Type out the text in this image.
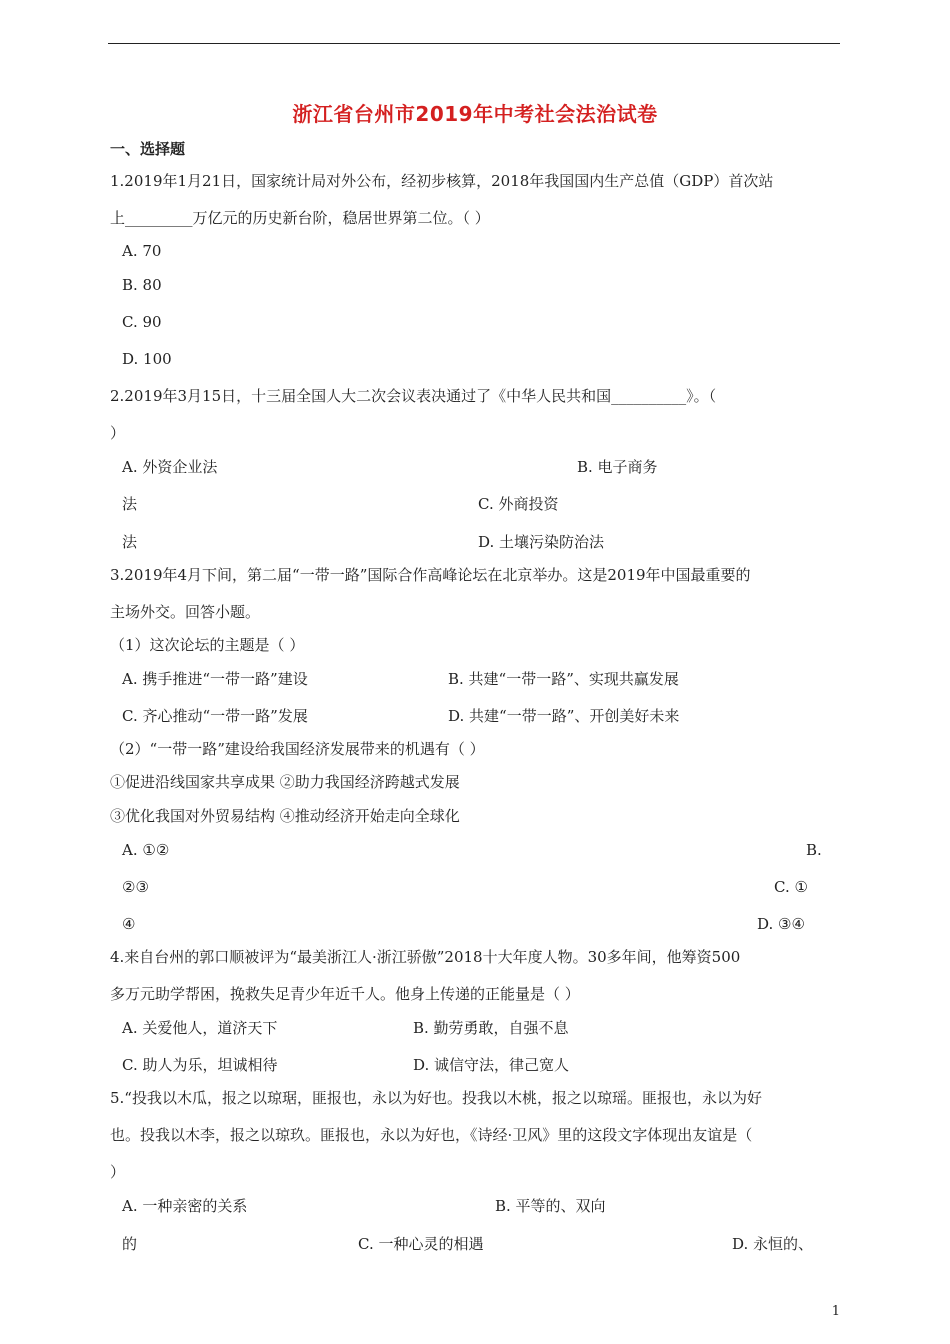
浙江省台州市2019年中考社会法治试卷
一、选择题
1.2019年1月21日，国家统计局对外公布，经初步核算，2018年我国国内生产总值（GDP）首次站
上_________万亿元的历史新台阶，稳居世界第二位。（ ）
A. 70
B. 80
C. 90
D. 100
2.2019年3月15日，十三届全国人大二次会议表决通过了《中华人民共和国__________》。（
）
A. 外资企业法	B. 电子商务
法	C. 外商投资
法	D. 土壤污染防治法
3.2019年4月下间，第二届“一带一路”国际合作高峰论坛在北京举办。这是2019年中国最重要的
主场外交。回答小题。
（1）这次论坛的主题是（ ）
A. 携手推进“一带一路”建设	B. 共建“一带一路”、实现共赢发展
C. 齐心推动“一带一路”发展	D. 共建“一带一路”、开创美好未来
（2）“一带一路”建设给我国经济发展带来的机遇有（ ）
①促进沿线国家共享成果 ②助力我国经济跨越式发展
③优化我国对外贸易结构 ④推动经济开始走向全球化
A. ①②	B.
②③	C. ①
④	D. ③④
4.来自台州的郭口顺被评为“最美浙江人·浙江骄傲”2018十大年度人物。30多年间，他筹资500
多万元助学帮困，挽救失足青少年近千人。他身上传递的正能量是（ ）
A. 关爱他人，道济天下	B. 勤劳勇敢，自强不息
C. 助人为乐，坦诚相待	D. 诚信守法，律己宽人
5.“投我以木瓜，报之以琼琚，匪报也，永以为好也。投我以木桃，报之以琼瑶。匪报也，永以为好
也。投我以木李，报之以琼玖。匪报也，永以为好也，《诗经·卫风》里的这段文字体现出友谊是（
）
A. 一种亲密的关系	B. 平等的、双向
的	C. 一种心灵的相遇	D. 永恒的、
1
